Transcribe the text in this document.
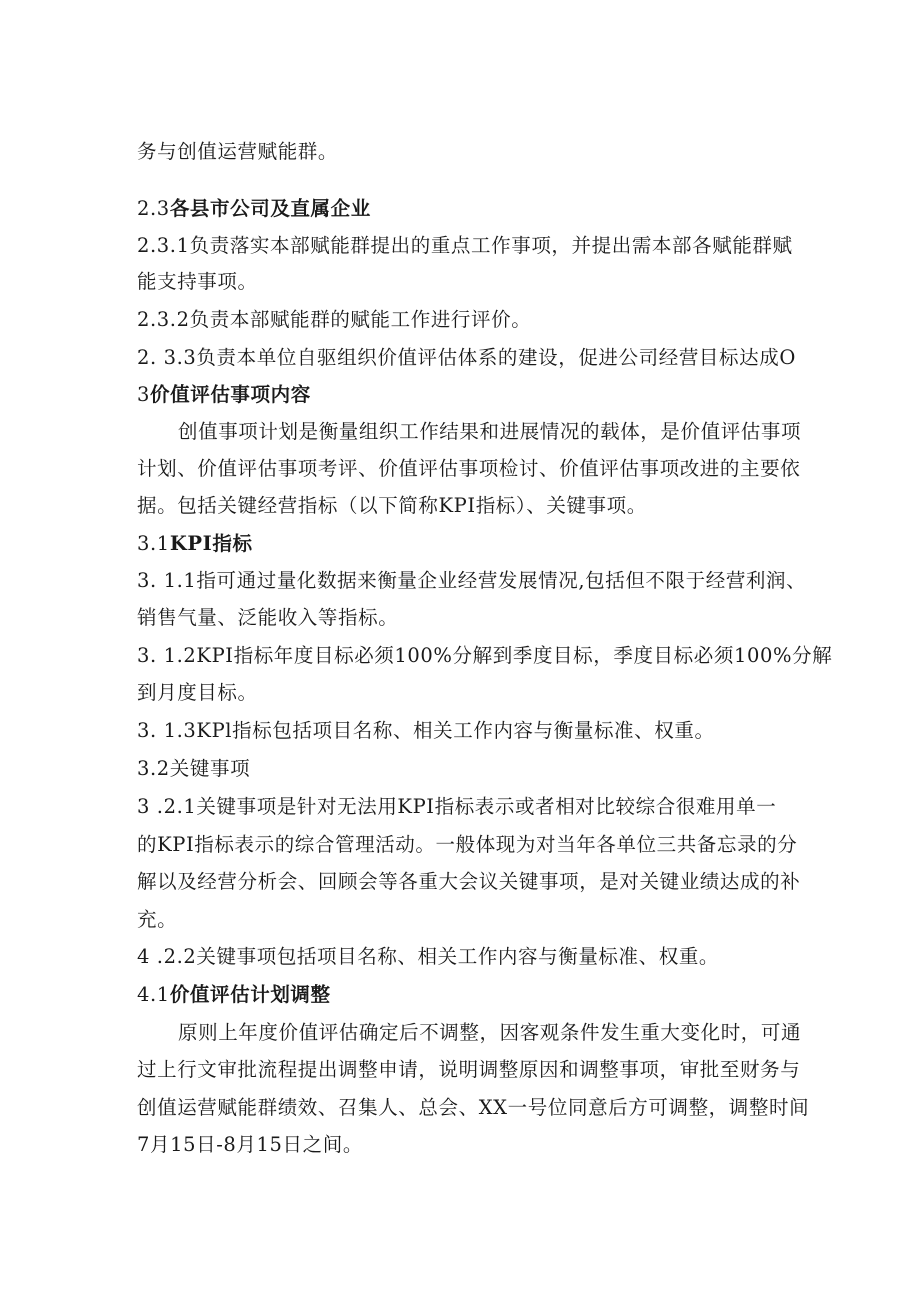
务与创值运营赋能群。
2.3各县市公司及直属企业
2.3.1负责落实本部赋能群提出的重点工作事项，并提出需本部各赋能群赋
能支持事项。
2.3.2负责本部赋能群的赋能工作进行评价。
2. 3.3负责本单位自驱组织价值评估体系的建设，促进公司经营目标达成O
3价值评估事项内容
创值事项计划是衡量组织工作结果和进展情况的载体，是价值评估事项
计划、价值评估事项考评、价值评估事项检讨、价值评估事项改进的主要依
据。包括关键经营指标（以下简称KPI指标）、关键事项。
3.1KPI指标
3. 1.1指可通过量化数据来衡量企业经营发展情况,包括但不限于经营利润、
销售气量、泛能收入等指标。
3. 1.2KPI指标年度目标必须100%分解到季度目标，季度目标必须100%分解
到月度目标。
3. 1.3KPl指标包括项目名称、相关工作内容与衡量标准、权重。
3.2关键事项
3 .2.1关键事项是针对无法用KPI指标表示或者相对比较综合很难用单一
的KPI指标表示的综合管理活动。一般体现为对当年各单位三共备忘录的分
解以及经营分析会、回顾会等各重大会议关键事项，是对关键业绩达成的补
充。
4 .2.2关键事项包括项目名称、相关工作内容与衡量标准、权重。
4.1价值评估计划调整
原则上年度价值评估确定后不调整，因客观条件发生重大变化时，可通
过上行文审批流程提出调整申请，说明调整原因和调整事项，审批至财务与
创值运营赋能群绩效、召集人、总会、XX一号位同意后方可调整，调整时间
7月15日-8月15日之间。
